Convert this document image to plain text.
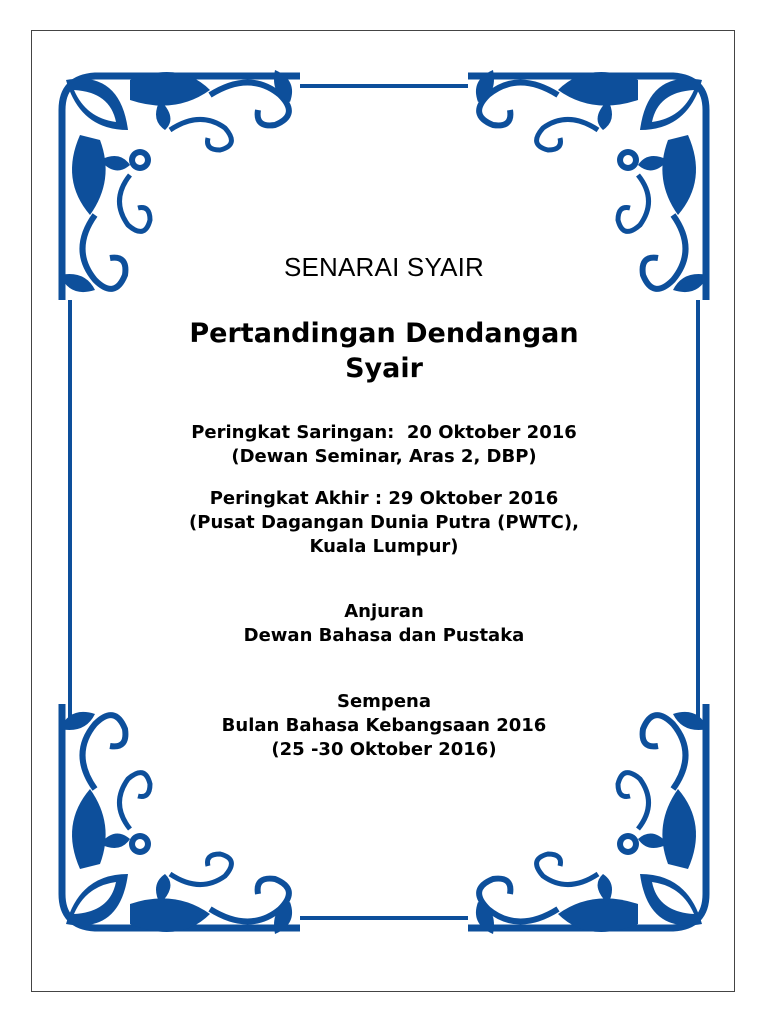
SENARAI SYAIR
Pertandingan Dendangan
Syair
Peringkat Saringan:  20 Oktober 2016
(Dewan Seminar, Aras 2, DBP)
Peringkat Akhir : 29 Oktober 2016
(Pusat Dagangan Dunia Putra (PWTC),
Kuala Lumpur)
Anjuran
Dewan Bahasa dan Pustaka
Sempena
Bulan Bahasa Kebangsaan 2016
(25 -30 Oktober 2016)
